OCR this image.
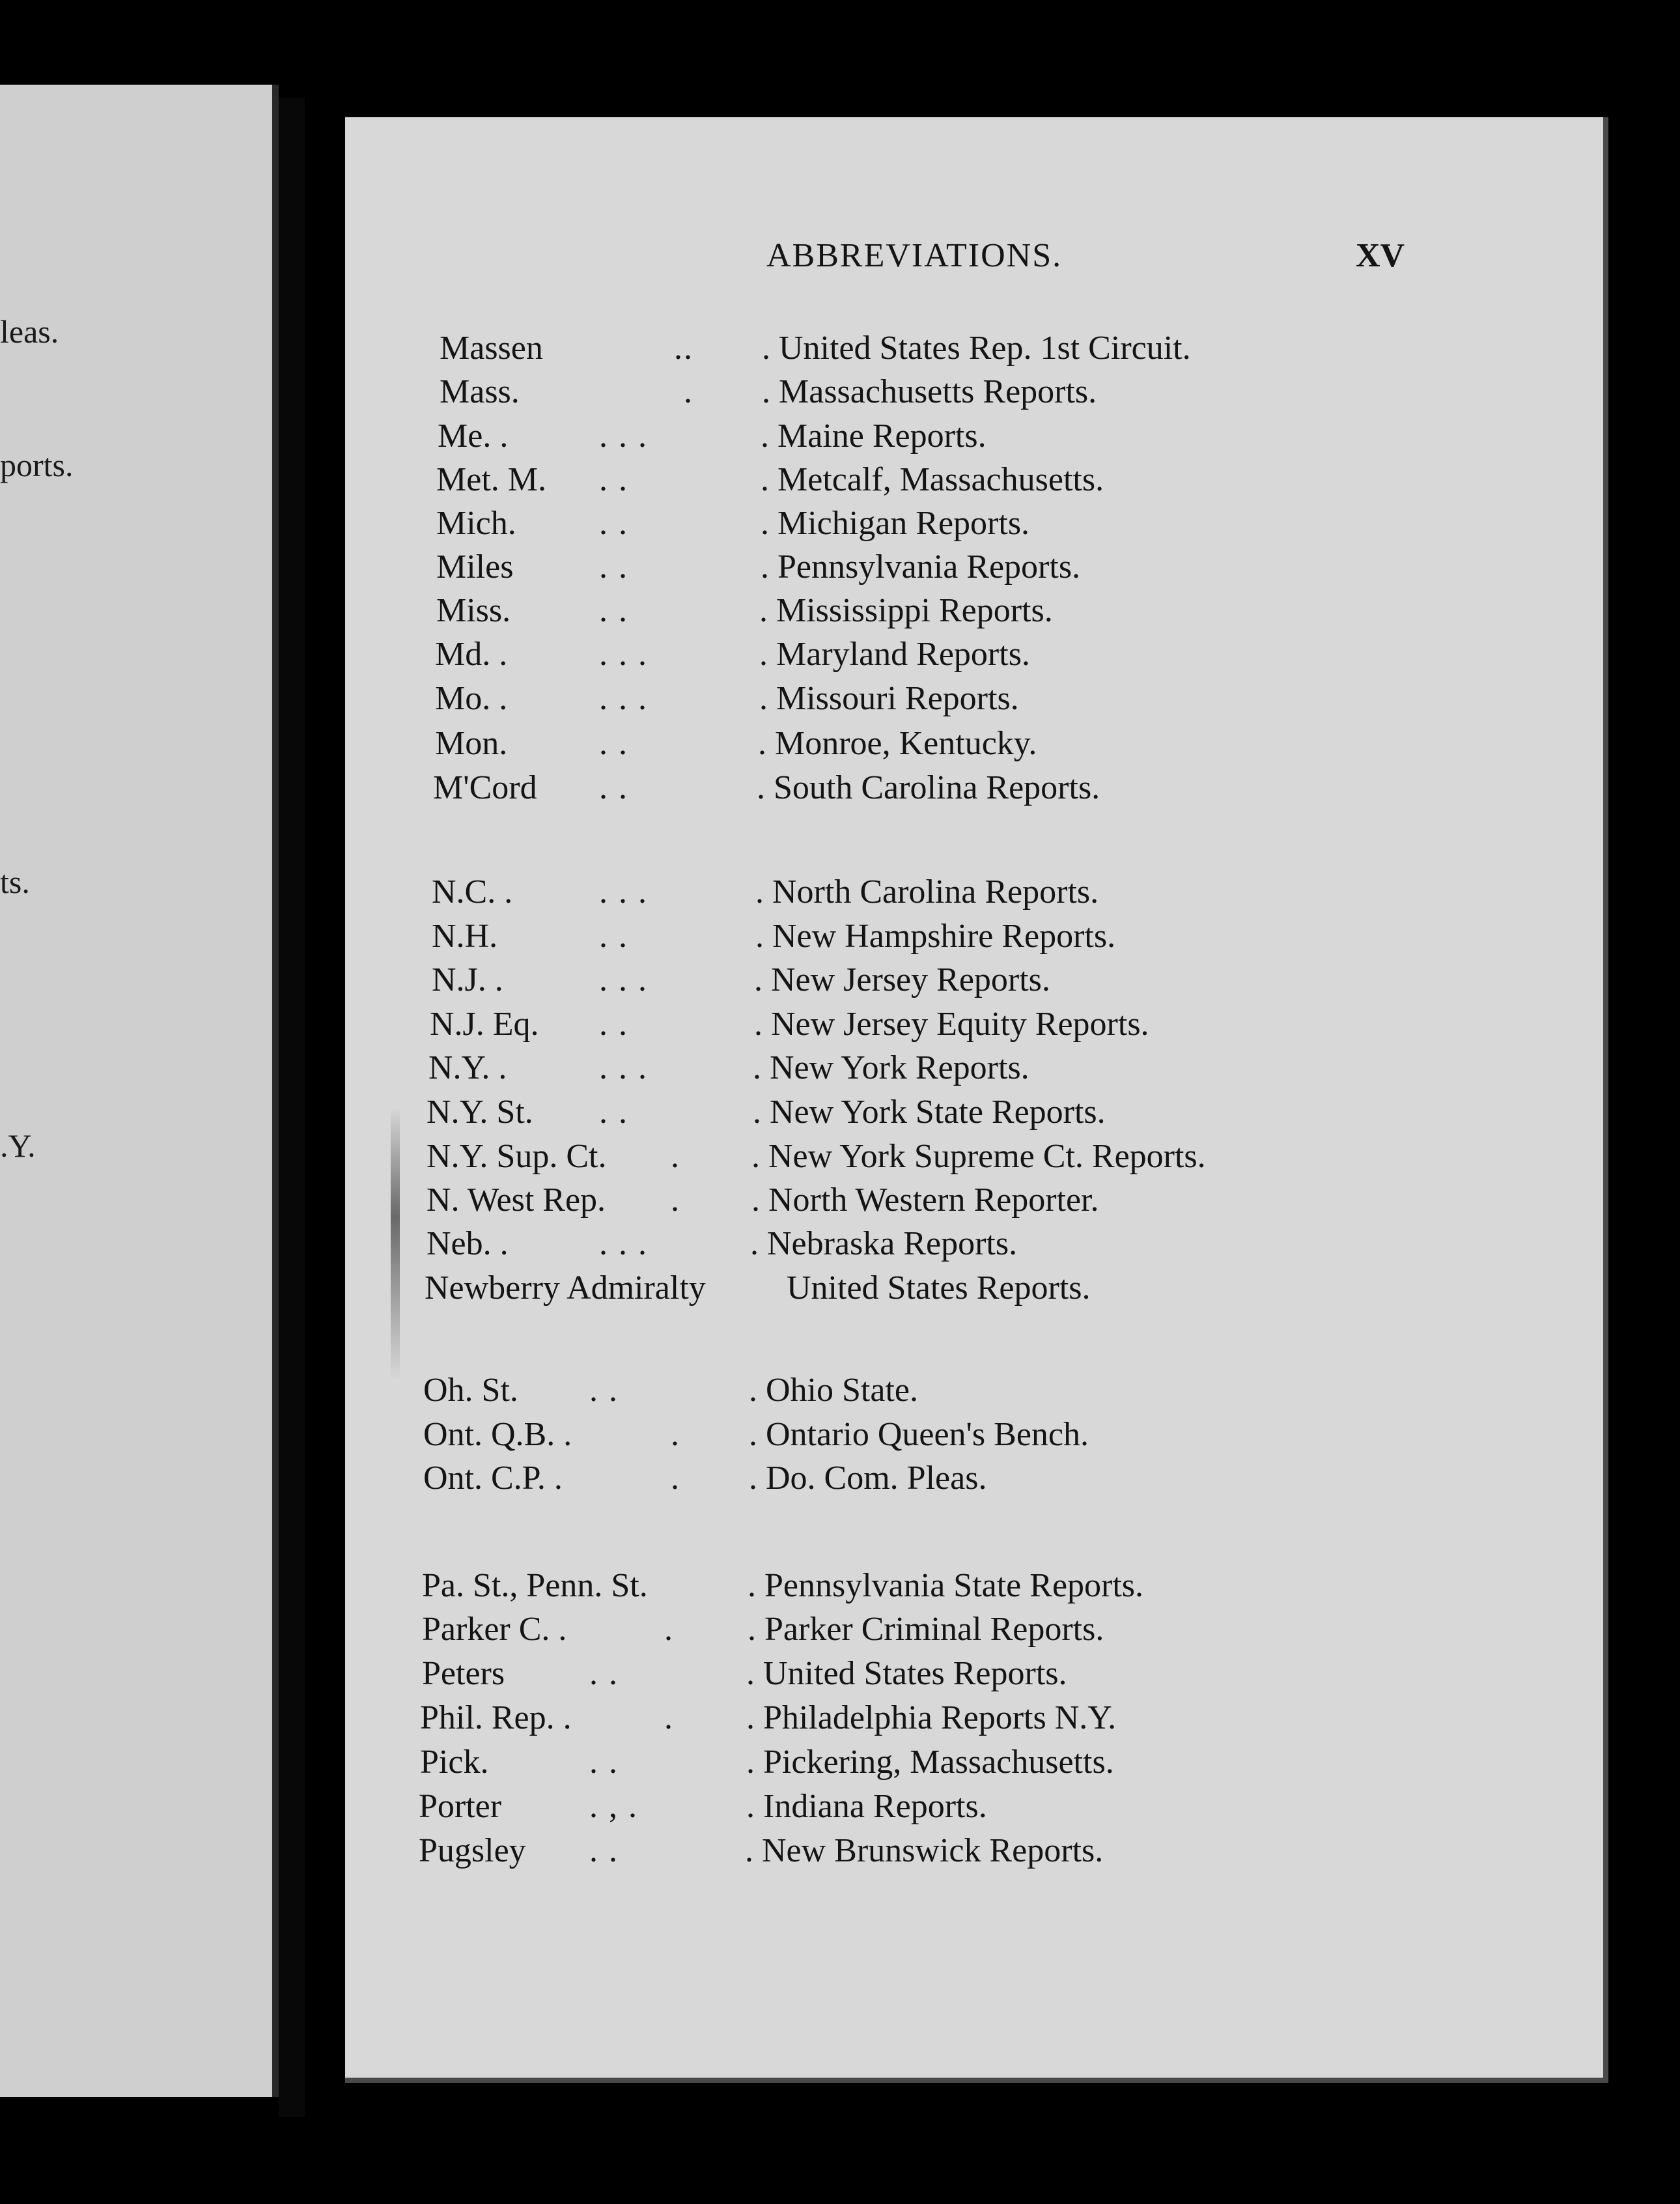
leas.
ports.
ts.
.Y.
ABBREVIATIONS.	XV
Massen	.. . United States Rep. 1st Circuit.
Mass.	. . Massachusetts Reports.
Me. .	. . .	. Maine Reports.
Met. M. . .	. Metcalf, Massachusetts.
Mich. . .	. Michigan Reports.
Miles	. .	. Pennsylvania Reports.
Miss.	. .	. Mississippi Reports.
Md. .	. . .	. Maryland Reports.
Mo. .	. . .	. Missouri Reports.
Mon.	. .	. Monroe, Kentucky.
M'Cord . .	. South Carolina Reports.
N.C. .	. . .	. North Carolina Reports.
N.H.	. .	. New Hampshire Reports.
N.J. .	. . .	. New Jersey Reports.
N.J. Eq. . .	. New Jersey Equity Reports.
N.Y. .	. . .	. New York Reports.
N.Y. St. . .	. New York State Reports.
N.Y. Sup. Ct. . . New York Supreme Ct. Reports.
N. West Rep. . . North Western Reporter.
Neb. .	. . .	. Nebraska Reports.
Newberry Admiralty United States Reports.
Oh. St. . .	. Ohio State.
Ont. Q.B. .	. . Ontario Queen's Bench.
Ont. C.P. .	. . Do. Com. Pleas.
Pa. St., Penn. St.	. Pennsylvania State Reports.
Parker C. .	. . Parker Criminal Reports.
Peters . .	. United States Reports.
Phil. Rep. .	. . Philadelphia Reports N.Y.
Pick.	. .	. Pickering, Massachusetts.
Porter	. , .	. Indiana Reports.
Pugsley . .	. New Brunswick Reports.
